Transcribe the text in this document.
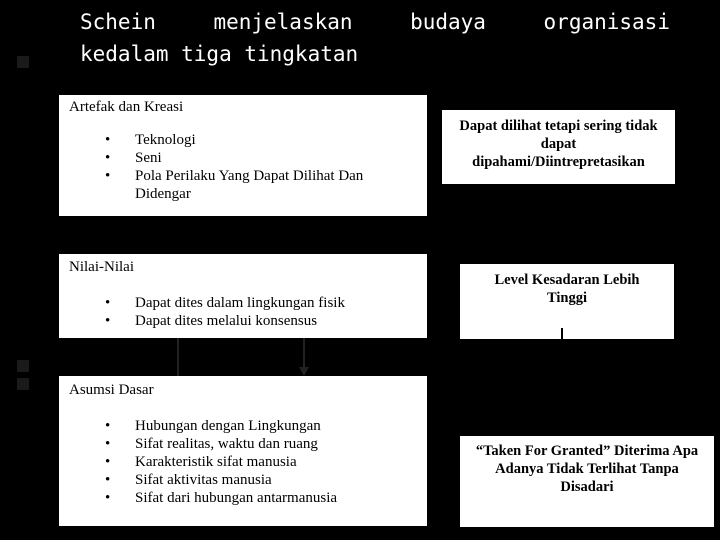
Schein	menjelaskan	budaya	organisasi
kedalam tiga tingkatan

Artefak dan Kreasi

• Teknologi
• Seni
• Pola Perilaku Yang Dapat Dilihat Dan Didengar
Dapat dilihat tetapi sering tidak dapat dipahami/Diintrepretasikan

Nilai-Nilai

• Dapat dites dalam lingkungan fisik
• Dapat dites melalui konsensus
Level Kesadaran Lebih Tinggi

Asumsi Dasar

• Hubungan dengan Lingkungan
• Sifat realitas, waktu dan ruang
• Karakteristik sifat manusia
• Sifat aktivitas manusia
• Sifat dari hubungan antarmanusia
“Taken For Granted” Diterima Apa Adanya Tidak Terlihat Tanpa Disadari
